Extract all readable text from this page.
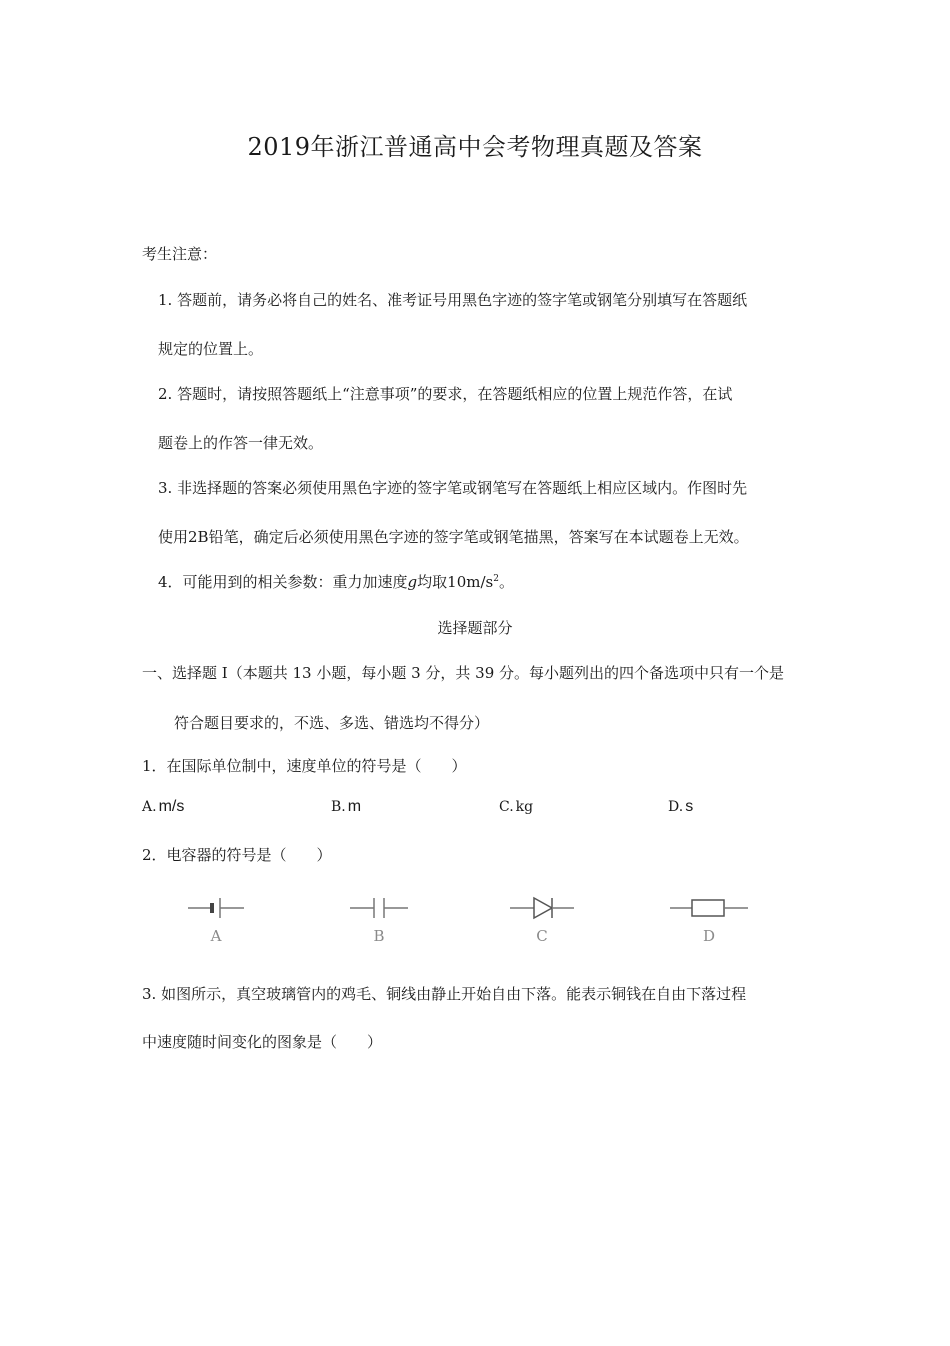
2019年浙江普通高中会考物理真题及答案
考生注意：
1. 答题前，请务必将自己的姓名、准考证号用黑色字迹的签字笔或钢笔分别填写在答题纸
规定的位置上。
2. 答题时，请按照答题纸上“注意事项”的要求，在答题纸相应的位置上规范作答，在试
题卷上的作答一律无效。
3. 非选择题的答案必须使用黑色字迹的签字笔或钢笔写在答题纸上相应区域内。作图时先
使用2B铅笔，确定后必须使用黑色字迹的签字笔或钢笔描黑，答案写在本试题卷上无效。
4．可能用到的相关参数：重力加速度g均取$10m/s^2$。
选择题部分
一、选择题 I（本题共 13 小题，每小题 3 分，共 39 分。每小题列出的四个备选项中只有一个是
符合题目要求的，不选、多选、错选均不得分）
1．在国际单位制中，速度单位的符号是（　　）
A. m/s	B. m	C. kg	D. s
2．电容器的符号是（　　）
A	B	C	D
3. 如图所示，真空玻璃管内的鸡毛、铜线由静止开始自由下落。能表示铜钱在自由下落过程
中速度随时间变化的图象是（　　）
